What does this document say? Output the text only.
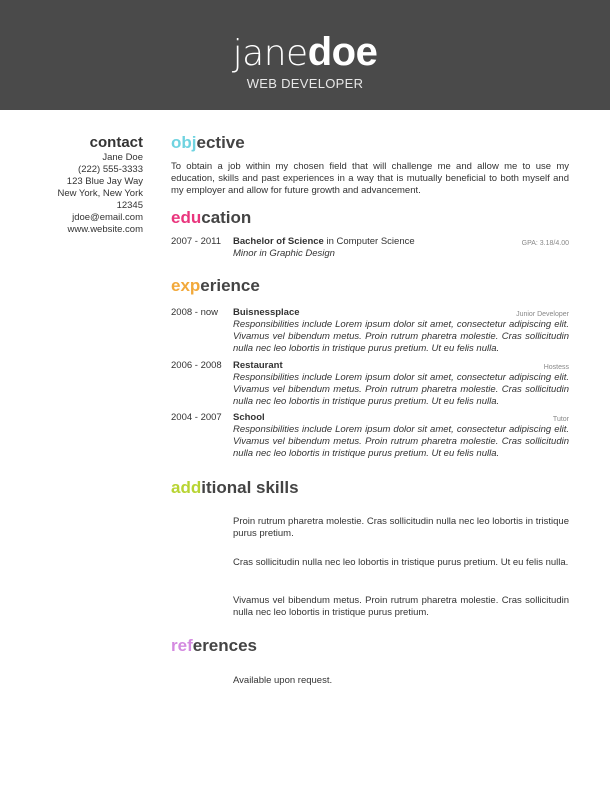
janedoe
WEB DEVELOPER
contact
Jane Doe
(222) 555-3333
123 Blue Jay Way
New York, New York
12345
jdoe@email.com
www.website.com
objective
To obtain a job within my chosen field that will challenge me and allow me to use my education, skills and past experiences in a way that is mutually beneficial to both myself and my employer and allow for future growth and advancement.
education
2007 - 2011 Bachelor of Science in Computer Science
Minor in Graphic Design
GPA: 3.18/4.00
experience
2008 - now Buisnessplace
Responsibilities include Lorem ipsum dolor sit amet, consectetur adipiscing elit. Vivamus vel bibendum metus. Proin rutrum pharetra molestie. Cras sollicitudin nulla nec leo lobortis in tristique purus pretium. Ut eu felis nulla.
Junior Developer
2006 - 2008 Restaurant
Responsibilities include Lorem ipsum dolor sit amet, consectetur adipiscing elit. Vivamus vel bibendum metus. Proin rutrum pharetra molestie. Cras sollicitudin nulla nec leo lobortis in tristique purus pretium. Ut eu felis nulla.
Hostess
2004 - 2007 School
Responsibilities include Lorem ipsum dolor sit amet, consectetur adipiscing elit. Vivamus vel bibendum metus. Proin rutrum pharetra molestie. Cras sollicitudin nulla nec leo lobortis in tristique purus pretium. Ut eu felis nulla.
Tutor
additional skills
Proin rutrum pharetra molestie. Cras sollicitudin nulla nec leo lobortis in tristique purus pretium.
Cras sollicitudin nulla nec leo lobortis in tristique purus pretium. Ut eu felis nulla.
Vivamus vel bibendum metus. Proin rutrum pharetra molestie. Cras sollicitudin nulla nec leo lobortis in tristique purus pretium.
references
Available upon request.
